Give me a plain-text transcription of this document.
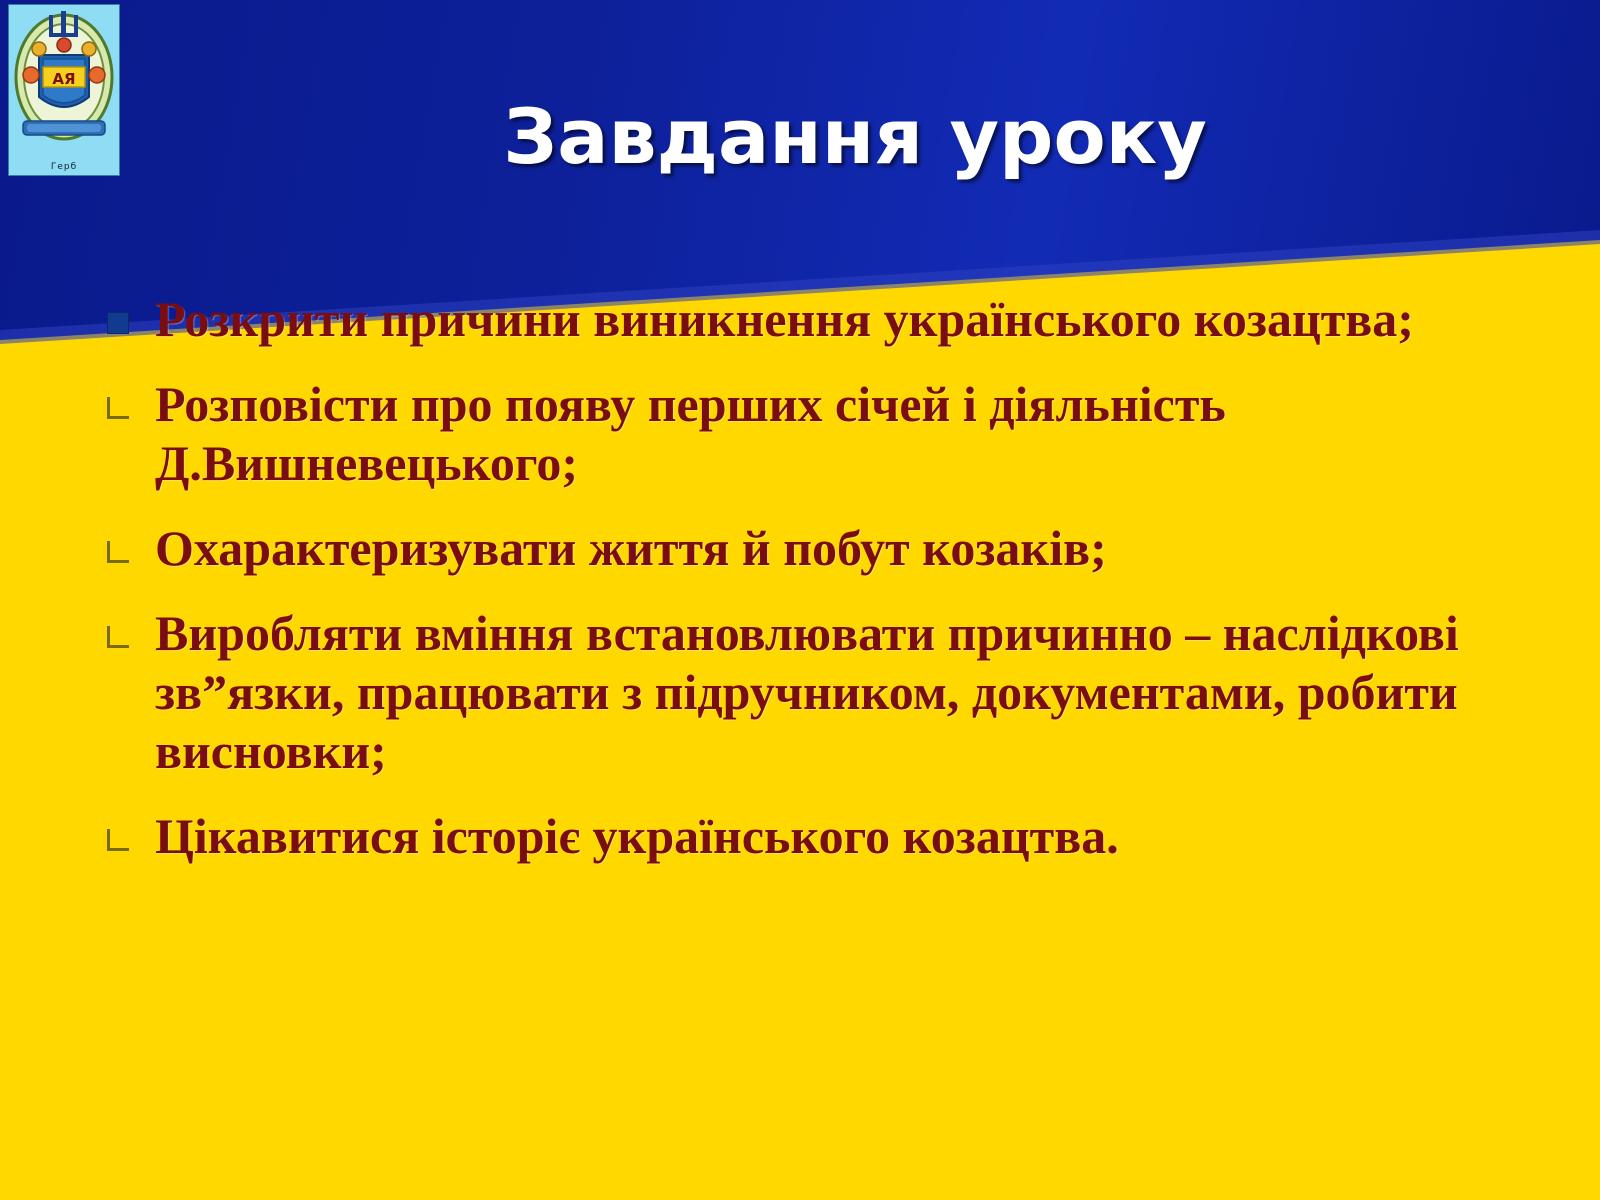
АЯ
Герб	Завдання уроку
Розкрити причини виникнення українського козацтва;
Розповісти про появу перших січей і діяльність Д.Вишневецького;
Охарактеризувати життя й побут козаків;
Виробляти вміння встановлювати причинно – наслідкові зв”язки, працювати з підручником, документами, робити висновки;
Цікавитися історіє українського козацтва.
